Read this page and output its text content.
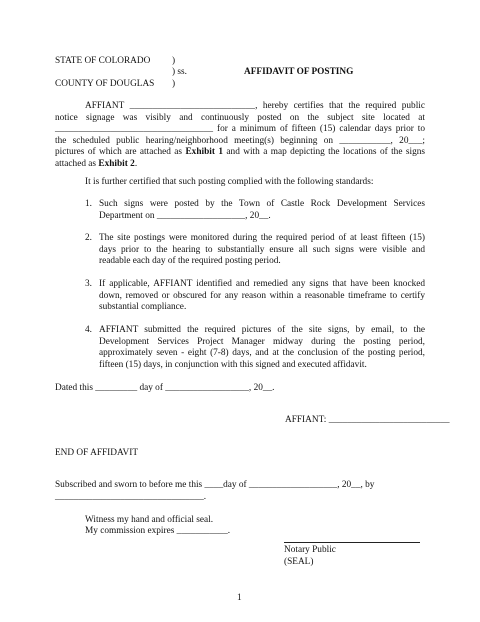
STATE OF COLORADO )
) ss.	AFFIDAVIT OF POSTING
COUNTY OF DOUGLAS )
AFFIANT ___________________________, hereby certifies that the required public
notice signage was visibly and continuously posted on the subject site located at
__________________________________ for a minimum of fifteen (15) calendar days prior to
the scheduled public hearing/neighborhood meeting(s) beginning on ___________, 20___;
pictures of which are attached as Exhibit 1 and with a map depicting the locations of the signs
attached as Exhibit 2.
It is further certified that such posting complied with the following standards:
1. Such signs were posted by the Town of Castle Rock Development Services
Department on ___________________, 20__.
2. The site postings were monitored during the required period of at least fifteen (15)
days prior to the hearing to substantially ensure all such signs were visible and
readable each day of the required posting period.
3. If applicable, AFFIANT identified and remedied any signs that have been knocked
down, removed or obscured for any reason within a reasonable timeframe to certify
substantial compliance.
4. AFFIANT submitted the required pictures of the site signs, by email, to the
Development Services Project Manager midway during the posting period,
approximately seven - eight (7-8) days, and at the conclusion of the posting period,
fifteen (15) days, in conjunction with this signed and executed affidavit.
Dated this _________ day of __________________, 20__.
AFFIANT: __________________________
END OF AFFIDAVIT
Subscribed and sworn to before me this ____day of ___________________, 20__, by
________________________________.
Witness my hand and official seal.
My commission expires ___________.
Notary Public
(SEAL)
1
